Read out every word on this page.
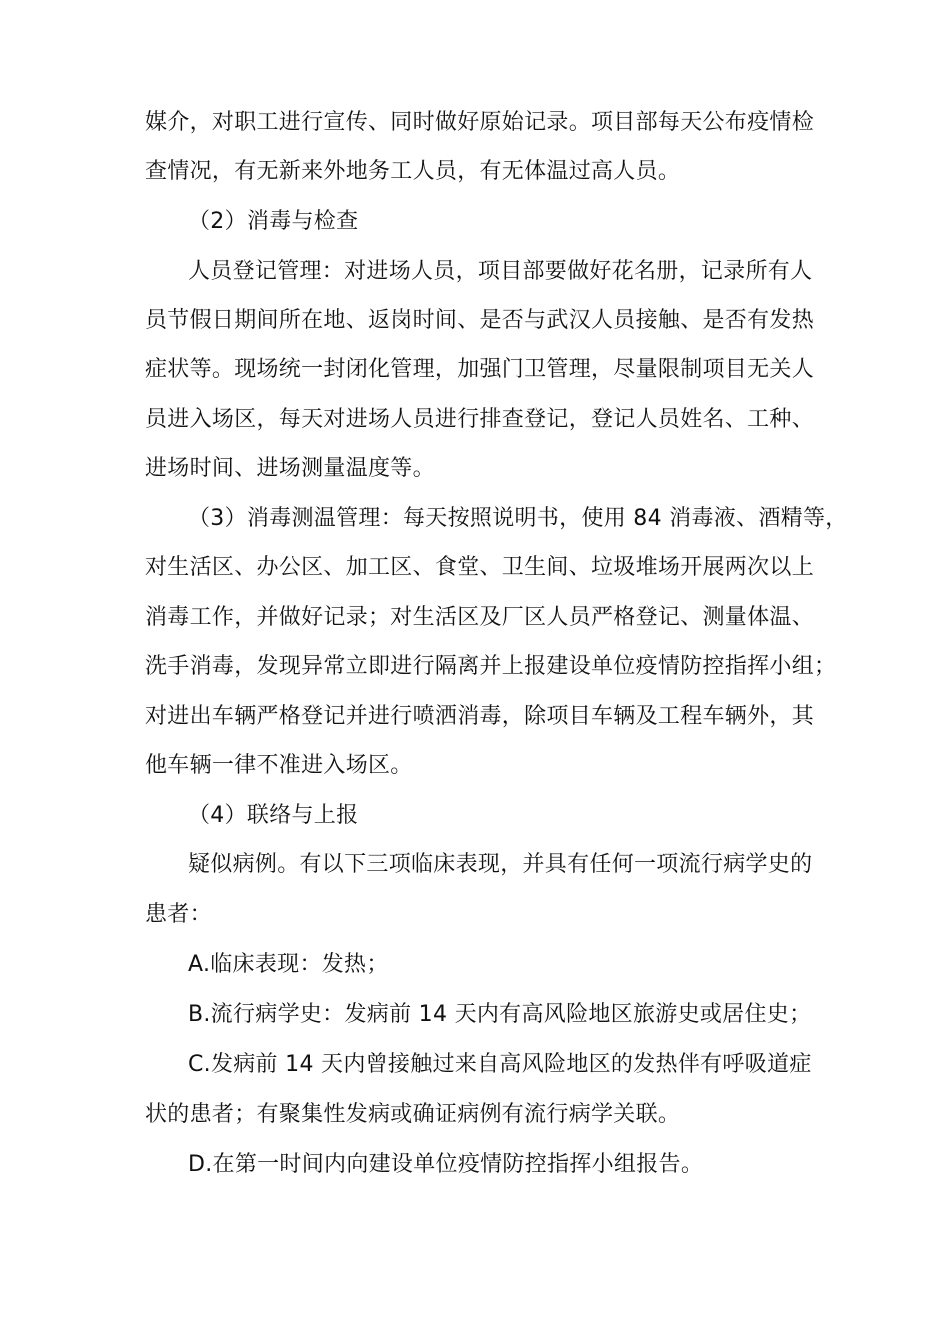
媒介，对职工进行宣传、同时做好原始记录。项目部每天公布疫情检
查情况，有无新来外地务工人员，有无体温过高人员。
（2）消毒与检查
人员登记管理：对进场人员，项目部要做好花名册，记录所有人
员节假日期间所在地、返岗时间、是否与武汉人员接触、是否有发热
症状等。现场统一封闭化管理，加强门卫管理，尽量限制项目无关人
员进入场区，每天对进场人员进行排查登记，登记人员姓名、工种、
进场时间、进场测量温度等。
（3）消毒测温管理：每天按照说明书，使用 84 消毒液、酒精等，
对生活区、办公区、加工区、食堂、卫生间、垃圾堆场开展两次以上
消毒工作，并做好记录；对生活区及厂区人员严格登记、测量体温、
洗手消毒，发现异常立即进行隔离并上报建设单位疫情防控指挥小组；
对进出车辆严格登记并进行喷洒消毒，除项目车辆及工程车辆外，其
他车辆一律不准进入场区。
（4）联络与上报
疑似病例。有以下三项临床表现，并具有任何一项流行病学史的
患者：
A.临床表现：发热；
B.流行病学史：发病前 14 天内有高风险地区旅游史或居住史；
C.发病前 14 天内曾接触过来自高风险地区的发热伴有呼吸道症
状的患者；有聚集性发病或确证病例有流行病学关联。
D.在第一时间内向建设单位疫情防控指挥小组报告。
